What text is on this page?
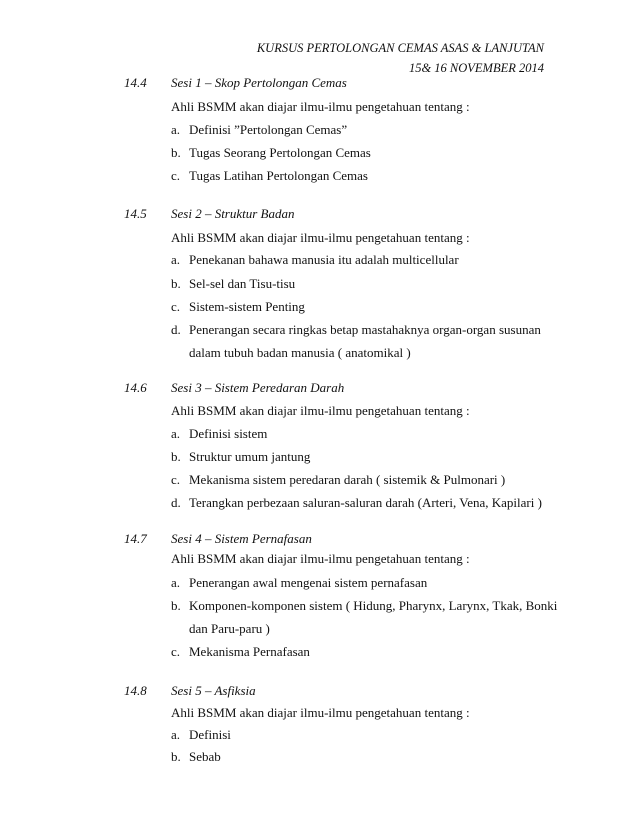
KURSUS PERTOLONGAN CEMAS ASAS & LANJUTAN
15& 16 NOVEMBER 2014
14.4 Sesi 1 – Skop Pertolongan Cemas
Ahli BSMM akan diajar ilmu-ilmu pengetahuan tentang :
a. Definisi ”Pertolongan Cemas”
b. Tugas Seorang Pertolongan Cemas
c. Tugas Latihan Pertolongan Cemas
14.5 Sesi 2 – Struktur Badan
Ahli BSMM akan diajar ilmu-ilmu pengetahuan tentang :
a. Penekanan bahawa manusia itu adalah multicellular
b. Sel-sel dan Tisu-tisu
c. Sistem-sistem Penting
d. Penerangan secara ringkas betap mastahaknya organ-organ susunan
dalam tubuh badan manusia ( anatomikal )
14.6 Sesi 3 – Sistem Peredaran Darah
Ahli BSMM akan diajar ilmu-ilmu pengetahuan tentang :
a. Definisi sistem
b. Struktur umum jantung
c. Mekanisma sistem peredaran darah ( sistemik & Pulmonari )
d. Terangkan perbezaan saluran-saluran darah (Arteri, Vena, Kapilari )
14.7 Sesi 4 – Sistem Pernafasan
Ahli BSMM akan diajar ilmu-ilmu pengetahuan tentang :
a. Penerangan awal mengenai sistem pernafasan
b. Komponen-komponen sistem ( Hidung, Pharynx, Larynx, Tkak, Bonki
dan Paru-paru )
c. Mekanisma Pernafasan
14.8 Sesi 5 – Asfiksia
Ahli BSMM akan diajar ilmu-ilmu pengetahuan tentang :
a. Definisi
b. Sebab
